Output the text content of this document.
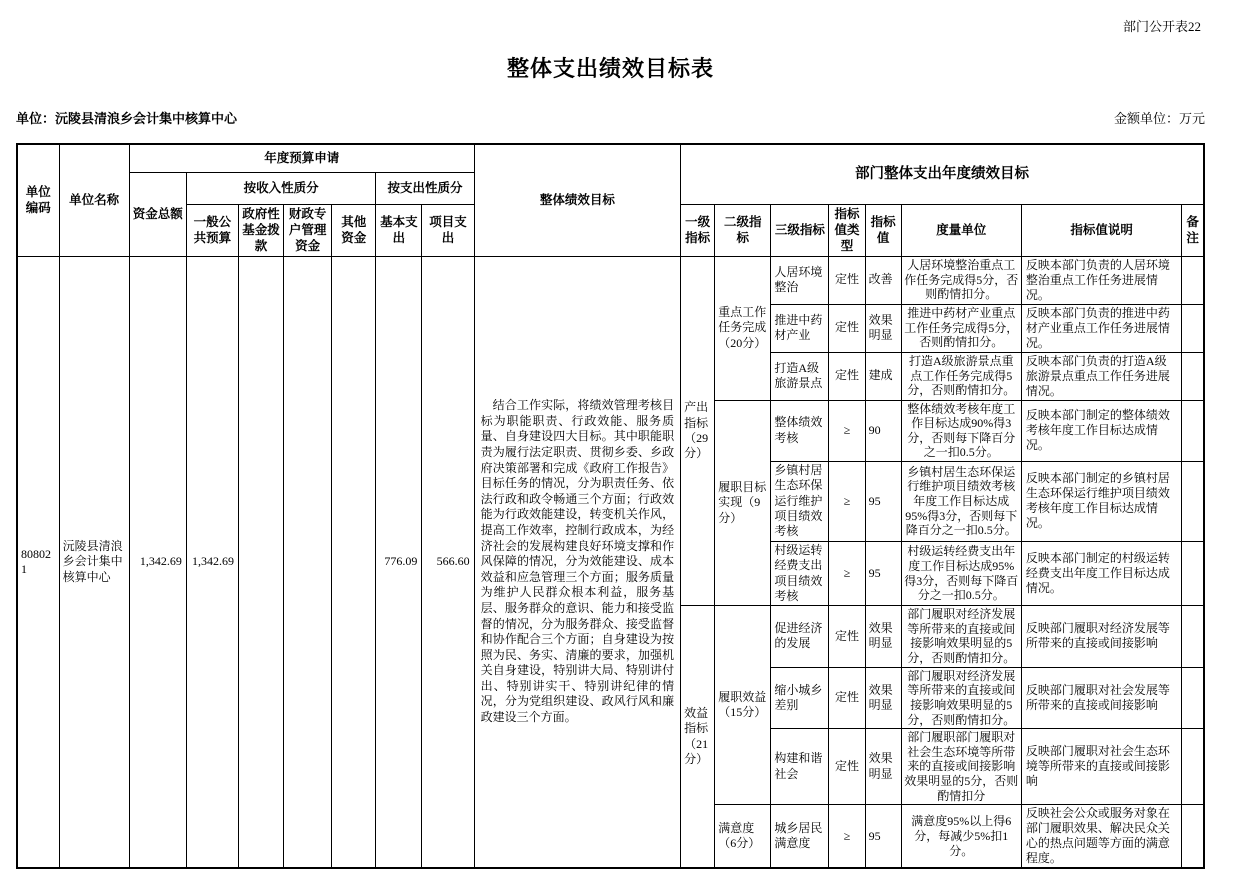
部门公开表22
整体支出绩效目标表
单位：沅陵县清浪乡会计集中核算中心	金额单位：万元
单位编码	单位名称	年度预算申请							整体绩效目标	部门整体支出年度绩效目标							
		资金总额	按收入性质分				按支出性质分										
			一般公共预算	政府性基金拨款	财政专户管理资金	其他资金	基本支出	项目支出		一级指标	二级指标	三级指标	指标值类型	指标值	度量单位	指标值说明	备注
808021	沅陵县清浪乡会计集中核算中心	1,342.69	1,342.69				776.09	566.60	结合工作实际，将绩效管理考核目标为职能职责、行政效能、服务质量、自身建设四大目标。其中职能职责为履行法定职责、贯彻乡委、乡政府决策部署和完成《政府工作报告》目标任务的情况，分为职责任务、依法行政和政令畅通三个方面；行政效能为行政效能建设，转变机关作风，提高工作效率，控制行政成本，为经济社会的发展构建良好环境支撑和作风保障的情况，分为效能建设、成本效益和应急管理三个方面；服务质量为维护人民群众根本利益，服务基层、服务群众的意识、能力和接受监督的情况，分为服务群众、接受监督和协作配合三个方面；自身建设为按照为民、务实、清廉的要求，加强机关自身建设，特别讲大局、特别讲付出、特别讲实干、特别讲纪律的情况，分为党组织建设、政风行风和廉政建设三个方面。	产出指标（29分）	重点工作任务完成（20分）	人居环境整治	定性	改善	人居环境整治重点工作任务完成得5分，否则酌情扣分。	反映本部门负责的人居环境整治重点工作任务进展情况。	
												推进中药材产业	定性	效果明显	推进中药材产业重点工作任务完成得5分，否则酌情扣分。	反映本部门负责的推进中药材产业重点工作任务进展情况。	
												打造A级旅游景点	定性	建成	打造A级旅游景点重点工作任务完成得5分，否则酌情扣分。	反映本部门负责的打造A级旅游景点重点工作任务进展情况。	
											履职目标实现（9分）	整体绩效考核	≥	90	整体绩效考核年度工作目标达成90%得3分，否则每下降百分之一扣0.5分。	反映本部门制定的整体绩效考核年度工作目标达成情况。	
												乡镇村居生态环保运行维护项目绩效考核	≥	95	乡镇村居生态环保运行维护项目绩效考核年度工作目标达成95%得3分，否则每下降百分之一扣0.5分。	反映本部门制定的乡镇村居生态环保运行维护项目绩效考核年度工作目标达成情况。	
												村级运转经费支出项目绩效考核	≥	95	村级运转经费支出年度工作目标达成95%得3分，否则每下降百分之一扣0.5分。	反映本部门制定的村级运转经费支出年度工作目标达成情况。	
										效益指标（21分）	履职效益（15分）	促进经济的发展	定性	效果明显	部门履职对经济发展等所带来的直接或间接影响效果明显的5分，否则酌情扣分。	反映部门履职对经济发展等所带来的直接或间接影响	
												缩小城乡差别	定性	效果明显	部门履职对经济发展等所带来的直接或间接影响效果明显的5分，否则酌情扣分。	反映部门履职对社会发展等所带来的直接或间接影响	
												构建和谐社会	定性	效果明显	部门履职部门履职对社会生态环境等所带来的直接或间接影响效果明显的5分，否则酌情扣分	反映部门履职对社会生态环境等所带来的直接或间接影响	
											满意度（6分）	城乡居民满意度	≥	95	满意度95%以上得6分，每减少5%扣1分。	反映社会公众或服务对象在部门履职效果、解决民众关心的热点问题等方面的满意程度。	
